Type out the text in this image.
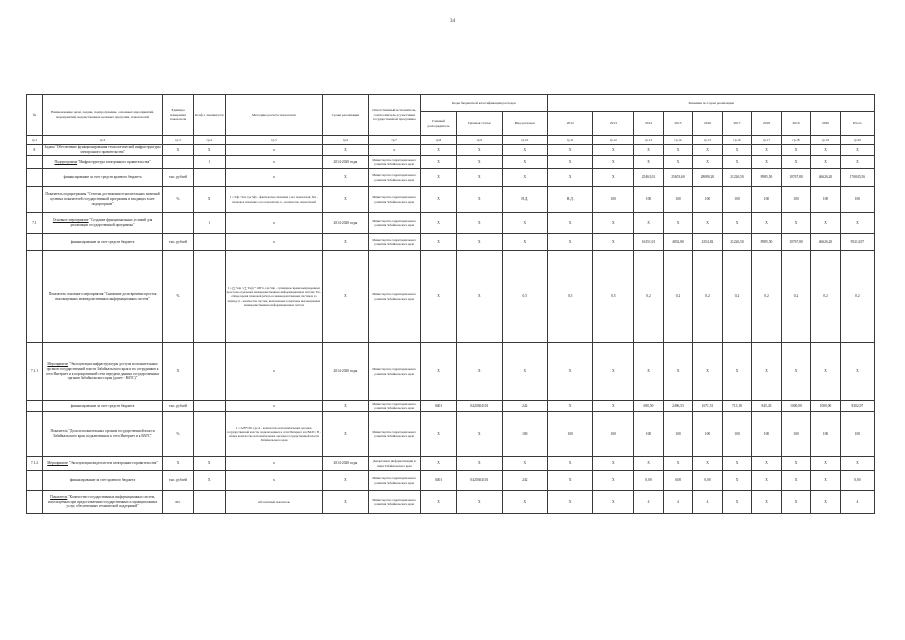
34
№	Наименование цели, задачи, подпрограммы, основных мероприятий, мероприятий, ведомственных целевых программ, показателей	Единица измерения показателя	Коэф-т значимости	Методика расчета показателя	Сроки реализации	Ответственный исполнитель, соисполнитель и участники государственной программы	Коды бюджетной классификации расходов			Значения по годам реализации									
							Главный распорядитель	Целевая статья	Вид расходов	2012	2013	2014	2015	2016	2017	2018	2019	2020	Итого
гр.1	гр.2	гр.3	гр.4	гр.5	гр.6	гр.7	гр.8	гр.9	гр.10	гр.11	гр.12	гр.13	гр.14	гр.15	гр.16	гр.17	гр.18	гр.19	гр.20
8	Задача "Обеспечение функционирования технологической инфраструктуры электронного правительства"	Х	Х	Х	Х	Х	Х	Х	Х	Х	Х	Х	Х	Х	Х	Х	Х	Х	Х
	Подпрограмма "Инфраструктура электронного правительства"		1	Х	2014-2020 годы	Министерство территориального развития Забайкальского края	Х	Х	Х	Х	Х	Х	Х	Х	Х	Х	Х	Х	Х
	финансирование за счет средств краевого бюджета	тыс. рублей		Х	Х	Министерство территориального развития Забайкальского края	Х	Х	Х	Х	Х	25463,01	25653,60	28080,20	21226,50	8985,50	10767,80	46626,20	176845,56
	Показатель подпрограммы "Степень достижения относительных значений целевых показателей государственной программы и входящих в нее подпрограмм"	%	Х	I = Sфi / Sпi, где Sфi - фактическое значение i-ого показателя; Sпi - плановое значение i-ого показателя; n - количество показателей	Х	Министерство территориального развития Забайкальского края	Х	Х	Н.Д.	Н.Д.	100	100	100	100	100	100	100	100	100
7.1	Основное мероприятие "Создание функциональных условий для реализации государственной программы"		1	Х	2014-2020 годы	Министерство территориального развития Забайкальского края	Х	Х	Х	Х	Х	Х	Х	Х	Х	Х	Х	Х	Х
	финансирование за счет средств бюджета	тыс. рублей		Х	Х	Министерство территориального развития Забайкальского края	Х	Х	Х	Х	Х	16351,01	4832,80	4354,82	21226,50	8985,50	10767,80	46626,20	95214,97
	Показатель основного мероприятия "Снижение доли времени простоя высокоценных межведомственных информационных систем"	%		I = (∑ Sпр / (∑ Tм)) * 100%, где Sпр - суммарное время вынужденных простоев отдельных межведомственных информационных систем; Tм - общее время плановой работы в межведомственных системах за период; n - количество систем, включенных в перечень высокоценных межведомственных информационных систем	Х	Министерство территориального развития Забайкальского края	Х	Х	0,5	0,5	0,5	0,2	0,2	0,2	0,2	0,2	0,2	0,2	0,2
7.1.1	Мероприятие "Эксплуатация инфраструктуры доступа исполнительных органов государственной власти Забайкальского края и их сотрудников к сети Интернет и к корпоративной сети передачи данных государственных органов Забайкальского края (далее - ВАТС)"	Х		Х	2014-2020 годы	Министерство территориального развития Забайкальского края	Х	Х	Х	Х	Х	Х	Х	Х	Х	Х	Х	Х	Х
	финансирование за счет средств бюджета	тыс. рублей		Х	Х	Министерство территориального развития Забайкальского края	0401	0420304101	242	Х	Х	690,50	2496,53	1671,51	713,18	845,43	1000,00	1000,00	8302,07
	Показатель "Доля исполнительных органов государственной власти Забайкальского края, подключенных к сети Интернет и к ВАТС"	%		I = A/B*100, где A - количество исполнительных органов государственной власти, подключенных к сети Интернет и к ВАТС; B - общее количество исполнительных органов государственной власти Забайкальского края	Х	Министерство территориального развития Забайкальского края	Х	Х	100	100	100	100	100	100	100	100	100	100	100
7.1.2	Мероприятие "Эксплуатация видеосистем электронного правительства"	Х	Х	Х	2014-2020 годы	Департамент информатизации и связи Забайкальского края	Х	Х	Х	Х	Х	Х	Х	Х	Х	Х	Х	Х	Х
	финансирование за счет краевого бюджета	тыс. рублей	Х	Х	Х	Министерство территориального развития Забайкальского края	0401	0420304101	242	Х	Х	0,00	0,00	0,00	Х	Х	Х	Х	0,00
	Показатель "Количество государственных информационных систем, используемых при предоставлении государственных и муниципальных услуг, обеспеченных технической поддержкой"	шт.		Абсолютный показатель	Х	Министерство территориального развития Забайкальского края	Х	Х	Х	Х	Х	4	4	4	Х	Х	Х	Х	4
